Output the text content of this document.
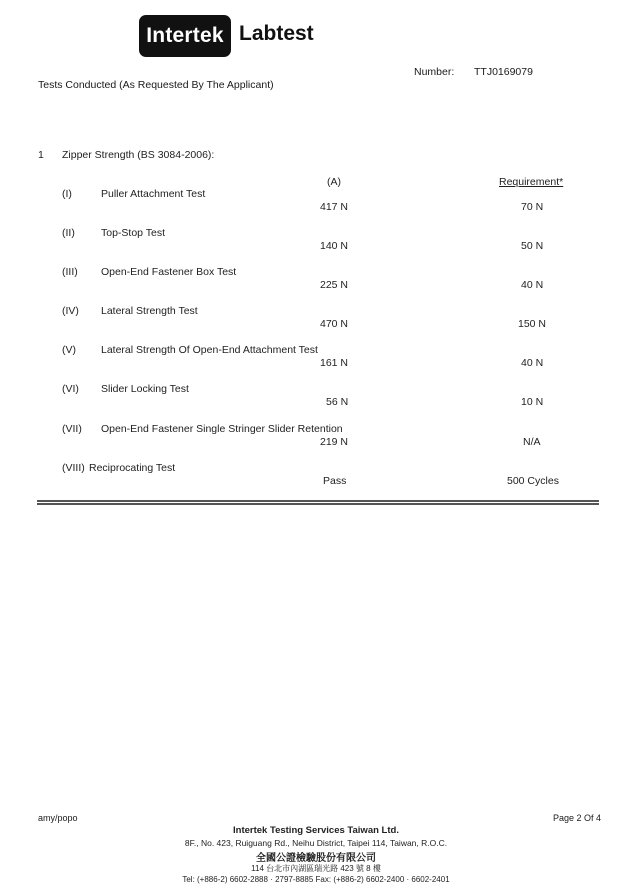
Intertek Labtest
Number: TTJ0169079
Tests Conducted (As Requested By The Applicant)
1 Zipper Strength (BS 3084-2006):
(A)	Requirement*
(I)	Puller Attachment Test
417 N	70 N
(II) Top-Stop Test
140 N	50 N
(III) Open-End Fastener Box Test
225 N	40 N
(IV) Lateral Strength Test
470 N	150 N
(V) Lateral Strength Of Open-End Attachment Test
161 N	40 N
(VI) Slider Locking Test
56 N	10 N
(VII) Open-End Fastener Single Stringer Slider Retention
219 N	N/A
(VIII) Reciprocating Test
Pass	500 Cycles
amy/popo	Page 2 Of 4
Intertek Testing Services Taiwan Ltd.
8F., No. 423, Ruiguang Rd., Neihu District, Taipei 114, Taiwan, R.O.C.
全國公證檢驗股份有限公司
114 台北市內湖區瑞光路 423 號 8 樓
Tel: (+886-2) 6602-2888 · 2797-8885 Fax: (+886-2) 6602-2400 · 6602-2401
